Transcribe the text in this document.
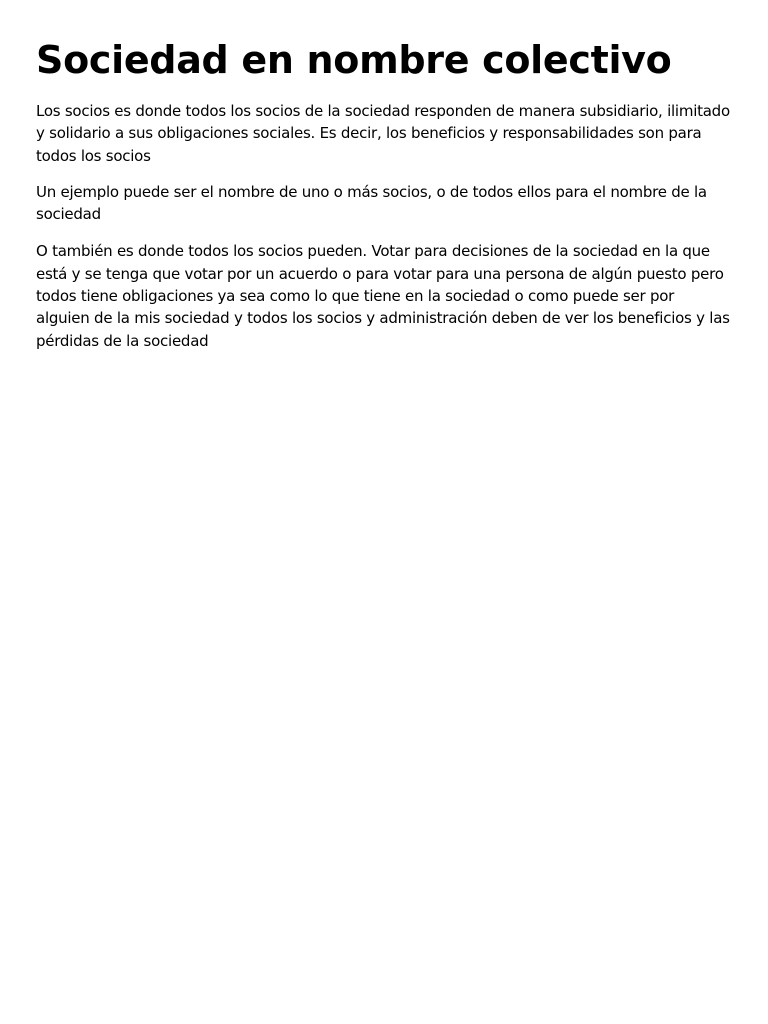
Sociedad en nombre colectivo

Los socios es donde todos los socios de la sociedad responden de manera subsidiario, ilimitado y solidario a sus obligaciones sociales. Es decir, los beneficios y responsabilidades son para todos los socios

Un ejemplo puede ser el nombre de uno o más socios, o de todos ellos para el nombre de la sociedad

O también es donde todos los socios pueden. Votar para decisiones de la sociedad en la que está y se tenga que votar por un acuerdo o para votar para una persona de algún puesto pero todos tiene obligaciones ya sea como lo que tiene en la sociedad o como puede ser por alguien de la mis sociedad y todos los socios y administración deben de ver los beneficios y las pérdidas de la sociedad
